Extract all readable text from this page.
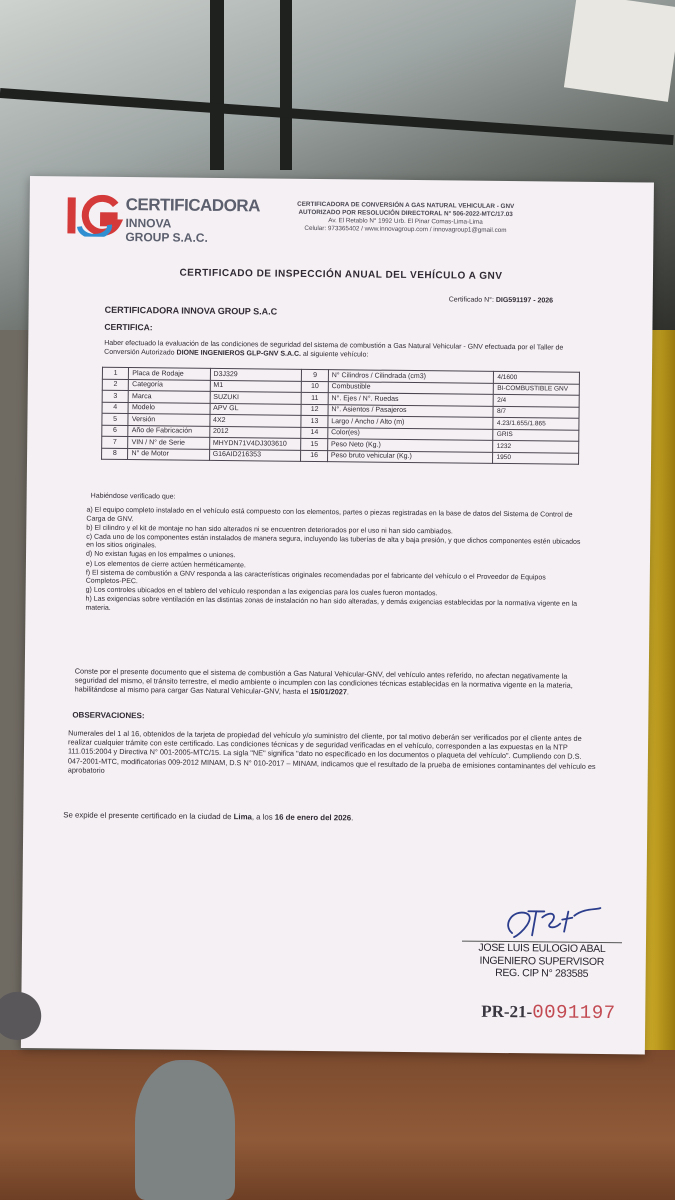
CERTIFICADORA
INNOVA GROUP S.A.C.
CERTIFICADORA DE CONVERSIÓN A GAS NATURAL VEHICULAR - GNV
AUTORIZADO POR RESOLUCIÓN DIRECTORAL N° 506-2022-MTC/17.03
Av. El Retablo N° 1992 Urb. El Pinar Comas-Lima-Lima
Celular: 973365402 / www.innovagroup.com / innovagroup1@gmail.com
CERTIFICADO DE INSPECCIÓN ANUAL DEL VEHÍCULO A GNV
Certificado N°: DIG591197 - 2026
CERTIFICADORA INNOVA GROUP S.A.C
CERTIFICA:
Haber efectuado la evaluación de las condiciones de seguridad del sistema de combustión a Gas Natural Vehicular - GNV efectuada por el Taller de Conversión Autorizado DIONE INGENIEROS GLP-GNV S.A.C. al siguiente vehículo:
1	Placa de Rodaje	D3J329	9	N° Cilindros / Cilindrada (cm3)	4/1600
2	Categoría	M1	10	Combustible	BI-COMBUSTIBLE GNV
3	Marca	SUZUKI	11	N°. Ejes / N°. Ruedas	2/4
4	Modelo	APV GL	12	N°. Asientos / Pasajeros	8/7
5	Versión	4X2	13	Largo / Ancho / Alto (m)	4.23/1.655/1.865
6	Año de Fabricación	2012	14	Color(es)	GRIS
7	VIN / N° de Serie	MHYDN71V4DJ303610	15	Peso Neto (Kg.)	1232
8	N° de Motor	G16AID216353	16	Peso bruto vehicular (Kg.)	1950
Habiéndose verificado que:

a) El equipo completo instalado en el vehículo está compuesto con los elementos, partes o piezas registradas en la base de datos del Sistema de Control de Carga de GNV.

b) El cilindro y el kit de montaje no han sido alterados ni se encuentren deteriorados por el uso ni han sido cambiados.

c) Cada uno de los componentes están instalados de manera segura, incluyendo las tuberías de alta y baja presión, y que dichos componentes estén ubicados en los sitios originales.

d) No existan fugas en los empalmes o uniones.

e) Los elementos de cierre actúen herméticamente.

f) El sistema de combustión a GNV responda a las características originales recomendadas por el fabricante del vehículo o el Proveedor de Equipos Completos-PEC.

g) Los controles ubicados en el tablero del vehículo respondan a las exigencias para los cuales fueron montados.

h) Las exigencias sobre ventilación en las distintas zonas de instalación no han sido alteradas, y demás exigencias establecidas por la normativa vigente en la materia.

Conste por el presente documento que el sistema de combustión a Gas Natural Vehicular-GNV, del vehículo antes referido, no afectan negativamente la seguridad del mismo, el tránsito terrestre, el medio ambiente o incumplen con las condiciones técnicas establecidas en la normativa vigente en la materia, habilitándose al mismo para cargar Gas Natural Vehicular-GNV, hasta el 15/01/2027.
OBSERVACIONES:
Numerales del 1 al 16, obtenidos de la tarjeta de propiedad del vehículo y/o suministro del cliente, por tal motivo deberán ser verificados por el cliente antes de realizar cualquier trámite con este certificado. Las condiciones técnicas y de seguridad verificadas en el vehículo, corresponden a las expuestas en la NTP 111.015:2004 y Directiva N° 001-2005-MTC/15. La sigla "NE" significa "dato no especificado en los documentos o plaqueta del vehículo". Cumpliendo con D.S. 047-2001-MTC, modificatorias 009-2012 MINAM, D.S N° 010-2017 – MINAM, indicamos que el resultado de la prueba de emisiones contaminantes del vehículo es aprobatorio
Se expide el presente certificado en la ciudad de Lima, a los 16 de enero del 2026.
JOSE LUIS EULOGIO ABAL
INGENIERO SUPERVISOR
REG. CIP N° 283585
PR-21-0091197
